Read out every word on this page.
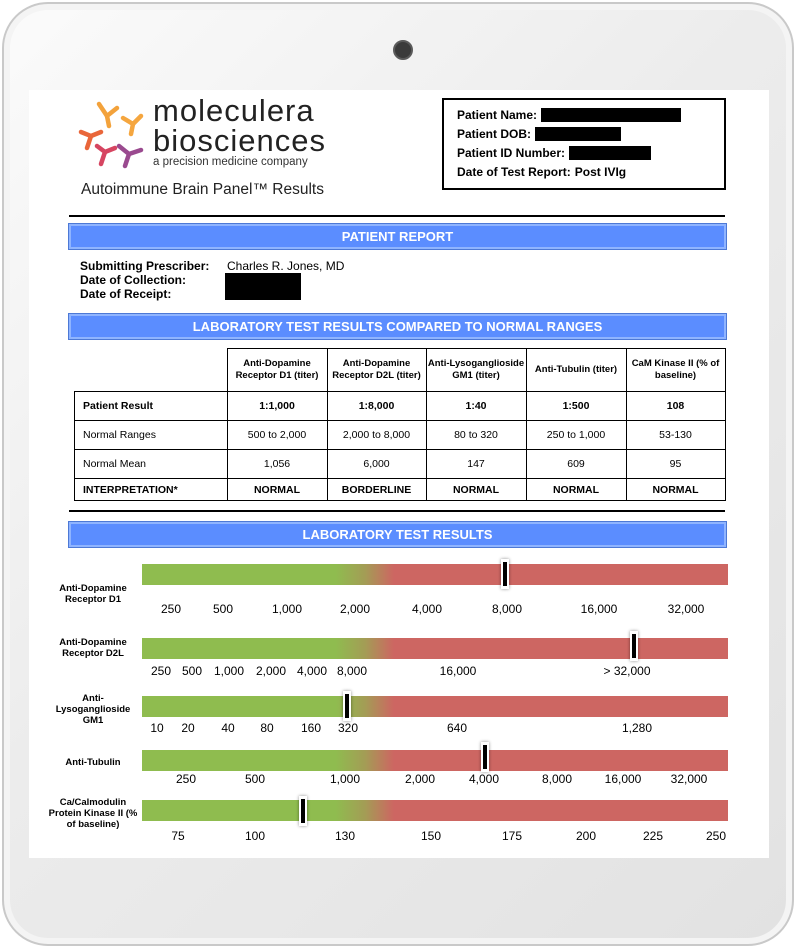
moleculera
biosciences
a precision medicine company
Autoimmune Brain Panel™ Results
Patient Name:
Patient DOB:
Patient ID Number:
Date of Test Report: Post IVIg
PATIENT REPORT
Submitting Prescriber: Charles R. Jones, MD
Date of Collection:
Date of Receipt:
LABORATORY TEST RESULTS COMPARED TO NORMAL RANGES
	Anti-Dopamine Receptor D1 (titer)	Anti-Dopamine Receptor D2L (titer)	Anti-Lysoganglioside GM1 (titer)	Anti-Tubulin (titer)	CaM Kinase II (% of baseline)
Patient Result	1:1,000	1:8,000	1:40	1:500	108
Normal Ranges	500 to 2,000	2,000 to 8,000	80 to 320	250 to 1,000	53-130
Normal Mean	1,056	6,000	147	609	95
INTERPRETATION*	NORMAL	BORDERLINE	NORMAL	NORMAL	NORMAL
LABORATORY TEST RESULTS
Anti-Dopamine Receptor D1
250	500	1,000	2,000	4,000	8,000	16,000	32,000
Anti-Dopamine Receptor D2L
250 500 1,000 2,000 4,000 8,000	16,000	> 32,000
Anti-Lysoganglioside GM1
10 20 40 80 160 320	640	1,280
Anti-Tubulin
250	500	1,000	2,000	4,000	8,000	16,000 32,000
Ca/Calmodulin Protein Kinase II (% of baseline)
75	100	130	150	175	200	225	250
